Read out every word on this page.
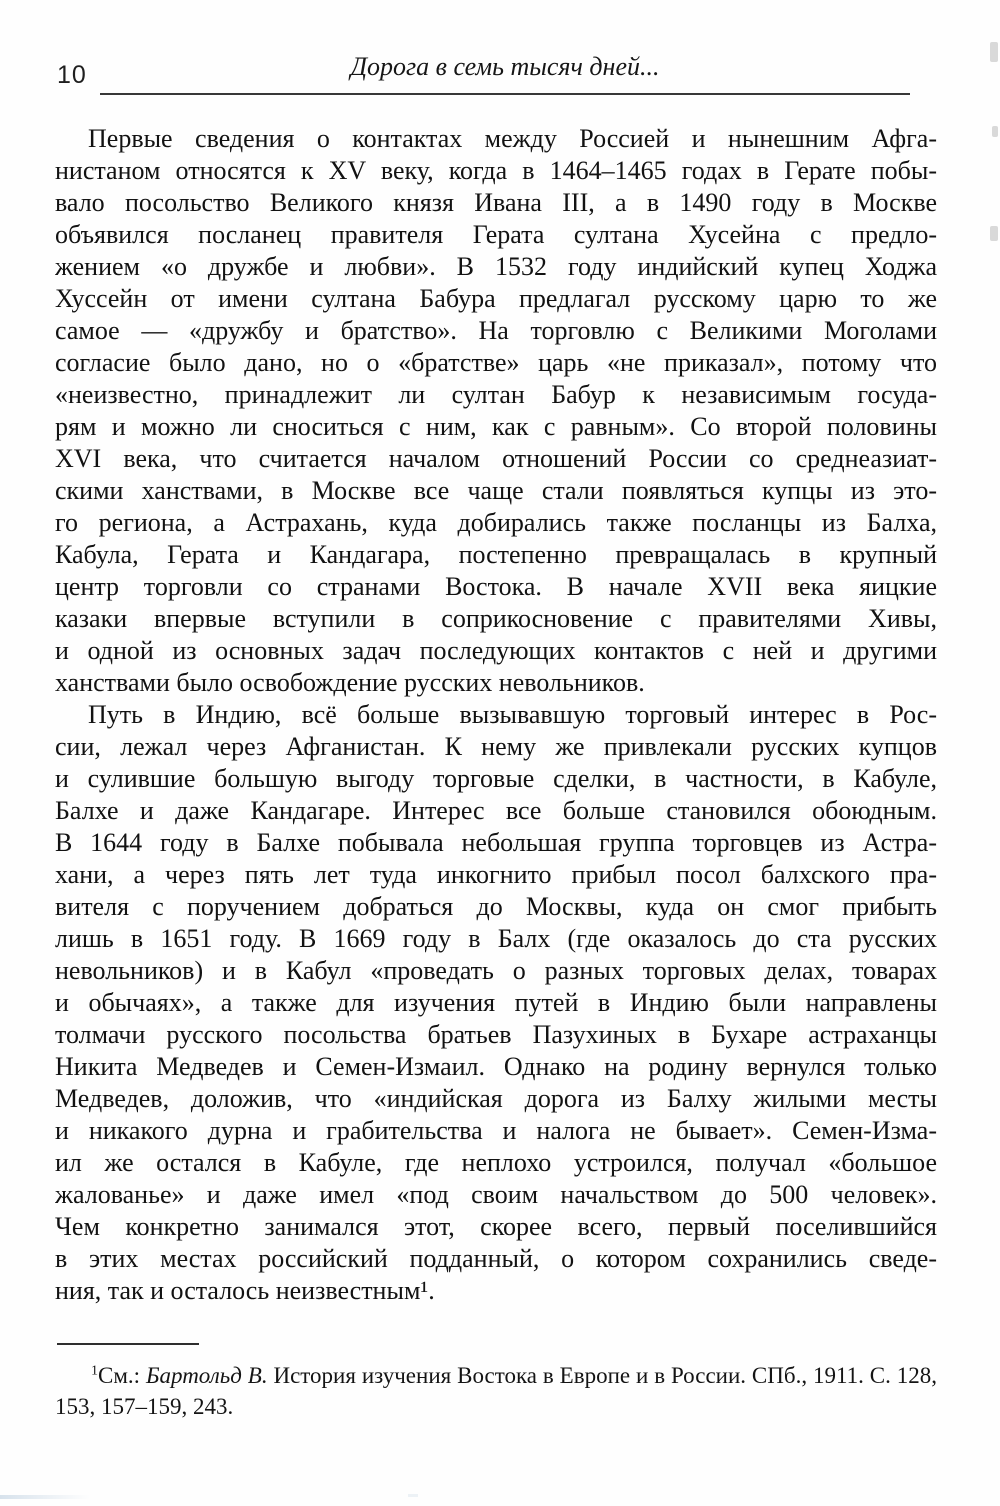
10	Дорога в семь тысяч дней...
Первые сведения о контактах между Россией и нынешним Афга-
нистаном относятся к XV веку, когда в 1464–1465 годах в Герате побы-
вало посольство Великого князя Ивана III, а в 1490 году в Москве
объявился посланец правителя Герата султана Хусейна с предло-
жением «о дружбе и любви». В 1532 году индийский купец Ходжа
Хуссейн от имени султана Бабура предлагал русскому царю то же
самое — «дружбу и братство». На торговлю с Великими Моголами
согласие было дано, но о «братстве» царь «не приказал», потому что
«неизвестно, принадлежит ли султан Бабур к независимым госуда-
рям и можно ли сноситься с ним, как с равным». Со второй половины
XVI века, что считается началом отношений России со среднеазиат-
скими ханствами, в Москве все чаще стали появляться купцы из это-
го региона, а Астрахань, куда добирались также посланцы из Балха,
Кабула, Герата и Кандагара, постепенно превращалась в крупный
центр торговли со странами Востока. В начале XVII века яицкие
казаки впервые вступили в соприкосновение с правителями Хивы,
и одной из основных задач последующих контактов с ней и другими
ханствами было освобождение русских невольников.
Путь в Индию, всё больше вызывавшую торговый интерес в Рос-
сии, лежал через Афганистан. К нему же привлекали русских купцов
и сулившие большую выгоду торговые сделки, в частности, в Кабуле,
Балхе и даже Кандагаре. Интерес все больше становился обоюдным.
В 1644 году в Балхе побывала небольшая группа торговцев из Астра-
хани, а через пять лет туда инкогнито прибыл посол балхского пра-
вителя с поручением добраться до Москвы, куда он смог прибыть
лишь в 1651 году. В 1669 году в Балх (где оказалось до ста русских
невольников) и в Кабул «проведать о разных торговых делах, товарах
и обычаях», а также для изучения путей в Индию были направлены
толмачи русского посольства братьев Пазухиных в Бухаре астраханцы
Никита Медведев и Семен-Измаил. Однако на родину вернулся только
Медведев, доложив, что «индийская дорога из Балху жилыми месты
и никакого дурна и грабительства и налога не бывает». Семен-Изма-
ил же остался в Кабуле, где неплохо устроился, получал «большое
жалованье» и даже имел «под своим начальством до 500 человек».
Чем конкретно занимался этот, скорее всего, первый поселившийся
в этих местах российский подданный, о котором сохранились сведе-
ния, так и осталось неизвестным¹.
$^1$См.: Бартольд В. История изучения Востока в Европе и в России. СПб., 1911. С. 128,
153, 157–159, 243.
